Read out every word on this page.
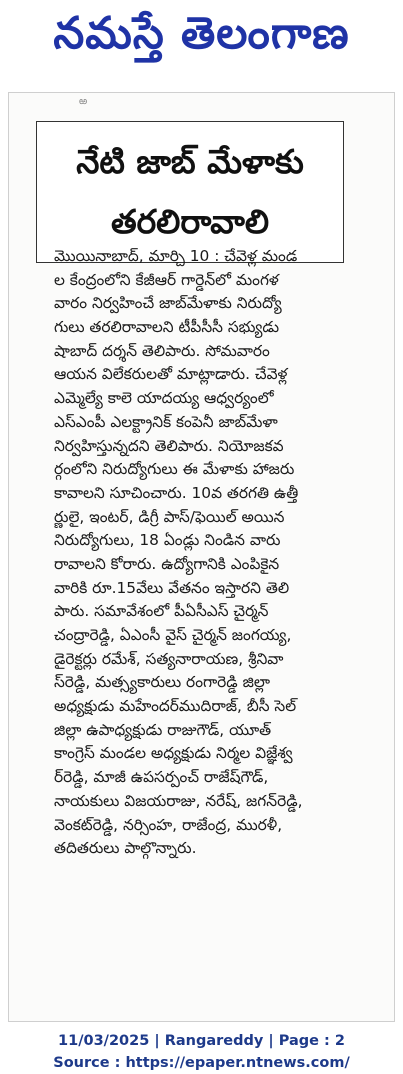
నమస్తే తెలంగాణ
ఱ
నేటి జాబ్ మేళాకు
తరలిరావాలి
మొయినాబాద్, మార్చి 10 : చేవెళ్ల మండ
ల కేంద్రంలోని కేజీఆర్ గార్డెన్‌లో మంగళ
వారం నిర్వహించే జాబ్‌మేళాకు నిరుద్యో
గులు తరలిరావాలని టీపీసీసీ సభ్యుడు
షాబాద్ దర్శన్ తెలిపారు. సోమవారం
ఆయన విలేకరులతో మాట్లాడారు. చేవెళ్ల
ఎమ్మెల్యే కాలె యాదయ్య ఆధ్వర్యంలో
ఎస్ఎంపీ ఎలక్ట్రానిక్ కంపెనీ జాబ్‌మేళా
నిర్వహిస్తున్నదని తెలిపారు. నియోజకవ
ర్గంలోని నిరుద్యోగులు ఈ మేళాకు హాజరు
కావాలని సూచించారు. 10వ తరగతి ఉత్తీ
ర్ణులై, ఇంటర్, డిగ్రీ పాస్/ఫెయిల్ అయిన
నిరుద్యోగులు, 18 ఏండ్లు నిండిన వారు
రావాలని కోరారు. ఉద్యోగానికి ఎంపికైన
వారికి రూ.15వేలు వేతనం ఇస్తారని తెలి
పారు. సమావేశంలో పీఏసీఎస్ చైర్మన్
చంద్రారెడ్డి, ఏఎంసీ వైస్ చైర్మన్ జంగయ్య,
డైరెక్టర్లు రమేశ్, సత్యనారాయణ, శ్రీనివా
స్‌రెడ్డి, మత్స్యకారులు రంగారెడ్డి జిల్లా
అధ్యక్షుడు మహేందర్‌ముదిరాజ్, బీసీ సెల్
జిల్లా ఉపాధ్యక్షుడు రాజుగౌడ్, యూత్
కాంగ్రెస్ మండల అధ్యక్షుడు నిర్మల విజ్ఞేశ్వ
ర్‌రెడ్డి, మాజీ ఉపసర్పంచ్ రాజేష్‌గౌడ్,
నాయకులు విజయరాజు, నరేష్, జగన్‌రెడ్డి,
వెంకట్‌రెడ్డి, నర్సింహ, రాజేంద్ర, మురళీ,
తదితరులు పాల్గొన్నారు.
11/03/2025 | Rangareddy | Page : 2
Source : https://epaper.ntnews.com/
